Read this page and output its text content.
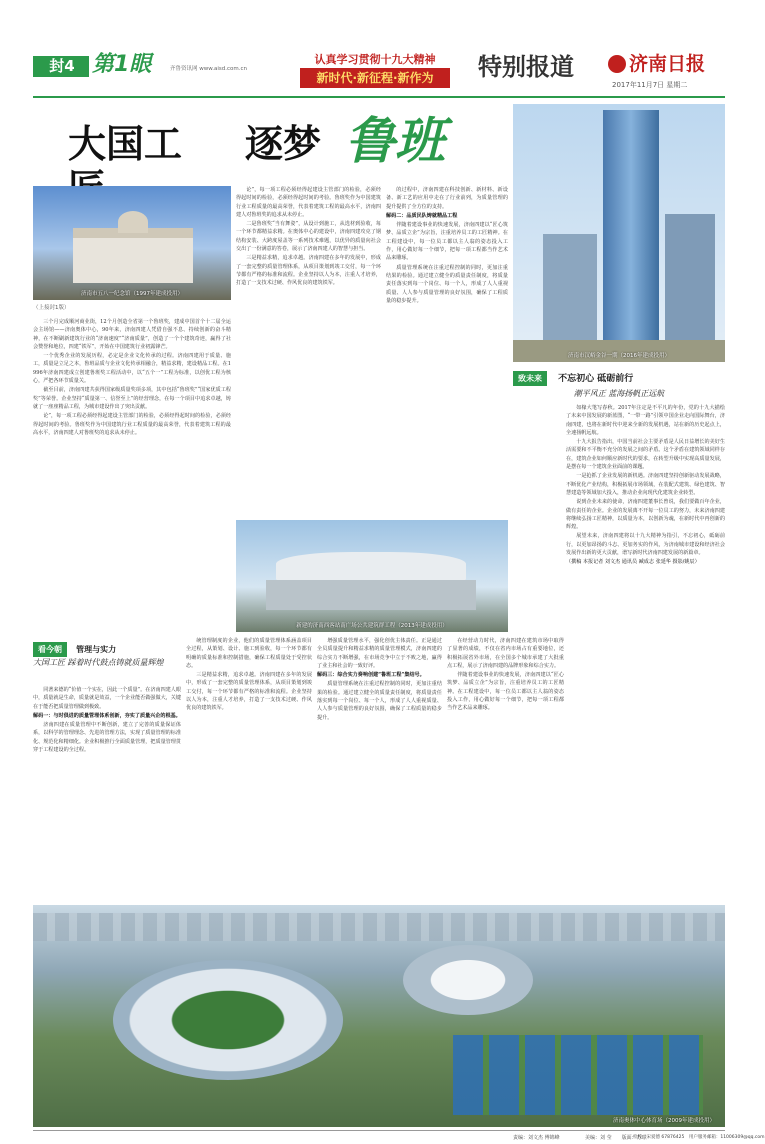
封4 第1眼	齐鲁资讯网 www.aisd.com.cn
认真学习贯彻十九大精神
新时代·新征程·新作为	特别报道	济南日报
2017年11月7日 星期二
大国工	逐梦 鲁班
济南市五八一纪念馆（1997年建成投用）
（上接封1版）
济南市汉峪金谷一期（2016年建成投用）
看今朝 管理与实力
大国工匠 踩着时代鼓点铸就质量辉煌

三个月完成顺河商业街，12个月创造全省第一个鲁班奖，建成中国首个十二届全运会主场馆——济南奥体中心，90年来，济南四建人凭借自强不息、持续创新的奋斗精神，在不断刷新建筑行业的“济南速度”“济南质量”，创造了一个个建筑奇迹，赢得了社会赞誉和地位，四建“铁军”，开始在中国建筑行业初露锋芒。

一个优秀企业的发展历程，必定是企业文化传承的过程。济南四建用于质量、施工，质量是立足之本，鲁班品质与企业文化传承相融合，精益求精，建设精品工程。在1996年济南四建成立创建鲁班奖工程活动中，以“五个一”工程为标准，以创优工程为核心，严把各环节质量关。

截至目前，济南四建共获得国家级质量奖项多项，其中包括“鲁班奖”“国家优质工程奖”等荣誉。企业坚持“质量第一、信誉至上”的经营理念，在每一个项目中追求卓越，铸就了一座座精品工程，为城市建设作出了突出贡献。

论”，每一项工程必须经得起建设主管部门的检验，必须经得起时间的检验，必须经得起时间的考验。鲁班奖作为中国建筑行业工程质量的最高荣誉，代表着建筑工程的最高水平，济南四建人对鲁班奖的追求从未停止。

论”，每一项工程必须经得起建设主管部门的检验，必须经得起时间的检验，必须经得起时间的考验。鲁班奖作为中国建筑行业工程质量的最高荣誉，代表着建筑工程的最高水平，济南四建人对鲁班奖的追求从未停止。

二是鲁班奖“当有舞姿”，从设计到施工，从选材到验收，每一个环节都精益求精。在奥体中心的建设中，济南四建攻克了钢结构安装、大跨度屋盖等一系列技术难题，以优异的质量向社会交出了一份满意的答卷，展示了济南四建人的智慧与担当。

三是精益求精，追求卓越。济南四建在多年的发展中，形成了一套完整的质量管理体系，从项目策划到竣工交付，每一个环节都有严格的标准和流程。企业坚持以人为本，注重人才培养，打造了一支技术过硬、作风优良的建筑铁军。

的过程中，济南四建在科技创新、新材料、新设备、新工艺的应用中走在了行业前列，为质量管理的提升提供了全方位的支持。

解码二：品质民队铸就精品工程

伴随着建设事业的快速发展，济南四建以“匠心筑梦、品质立企”为宗旨，注重培养员工的工匠精神。在工程建设中，每一位员工都以主人翁的姿态投入工作，用心做好每一个细节，把每一项工程都当作艺术品来雕琢。

质量管理系统在注重过程控制的同时，更加注重结果的检验。通过建立健全的质量责任制度，将质量责任落实到每一个岗位、每一个人，形成了人人重视质量、人人参与质量管理的良好氛围，确保了工程质量的稳步提升。

新建的济南西客站南广场公共建筑群工程（2013年建成投用）

同著来德的“价值一个实在，因此一个质量”。在济南四建人眼中，质量就是生命，质量就是效益，一个企业能否做强做大，关键在于能否把质量管理做到极致。

解码一：与时俱进的质量管理体系创新，夯实了质量兴企的根基。

济南四建在质量管理中不断创新，建立了完善的质量保证体系，以科学的管理理念、先进的管理方法，实现了质量管理的标准化、规范化和精细化。企业积极推行全面质量管理，把质量管理贯穿于工程建设的全过程。

统管理制度的企业，他们的质量管理体系涵盖项目全过程，从策划、设计、施工到验收，每一个环节都有明确的质量标准和控制措施，确保工程质量处于受控状态。

三是精益求精，追求卓越。济南四建在多年的发展中，形成了一套完整的质量管理体系，从项目策划到竣工交付，每一个环节都有严格的标准和流程。企业坚持以人为本，注重人才培养，打造了一支技术过硬、作风优良的建筑铁军。

增强质量管理水平，强化创优主体责任。正是通过全员质量提升和精益求精的质量管理模式，济南四建的综合实力不断增强，在市场竞争中立于不败之地，赢得了业主和社会的一致好评。

解码三：综合实力奏响创建“鲁班工程”集结号。

质量管理系统在注重过程控制的同时，更加注重结果的检验。通过建立健全的质量责任制度，将质量责任落实到每一个岗位、每一个人，形成了人人重视质量、人人参与质量管理的良好氛围，确保了工程质量的稳步提升。

在经营动力时代，济南四建在建筑市场中取得了显著的成绩，不仅在省内市场占有重要地位，还积极拓展省外市场，在全国多个城市承建了大批重点工程，展示了济南四建的品牌形象和综合实力。

伴随着建设事业的快速发展，济南四建以“匠心筑梦、品质立企”为宗旨，注重培养员工的工匠精神。在工程建设中，每一位员工都以主人翁的姿态投入工作，用心做好每一个细节，把每一项工程都当作艺术品来雕琢。

致未来 不忘初心 砥砺前行
潮平风正 蓝海扬帆正远航

如椽大笔写春秋。2017年注定是不平凡的年份，党的十九大描绘了未来中国发展的新蓝图，“一带一路”引领中国企业走向国际舞台，济南四建，也将在新时代中迎来全新的发展机遇，站在新的历史起点上，全速扬帆远航。

十九大报告指出，中国当前社会主要矛盾是人民日益增长的美好生活需要和不平衡不充分的发展之间的矛盾。这个矛盾在建筑领域同样存在，建筑企业如何顺应新时代的要求，在转型升级中实现高质量发展，是摆在每一个建筑企业面前的课题。

一是抢抓了企业发展的新机遇。济南四建坚持创新驱动发展战略，不断优化产业结构，积极拓展市场领域，在装配式建筑、绿色建筑、智慧建造等领域加大投入，推动企业向现代化建筑企业转型。

说到企业未来的使命，济南四建董事长曾说，我们要做百年企业，做有责任的企业。企业的发展离不开每一位员工的努力，未来济南四建将继续弘扬工匠精神，以质量为本，以创新为魂，在新时代中再创新的辉煌。

展望未来，济南四建将以十九大精神为指引，不忘初心，砥砺前行，以更加昂扬的斗志、更加务实的作风，为济南城市建设和经济社会发展作出新的更大贡献，谱写新时代济南四建发展的新篇章。

（撰稿 本报记者 刘文杰 通讯员 臧成志 张延华 摄影/姚辰）

济南奥体中心体育场（2009年建成投用）
责编：刘文杰 傅锦峰	美编：刘 莹　　版面：苏璟
检校：宋爱德 67876425　用户服务邮箱：11006309@qq.com
